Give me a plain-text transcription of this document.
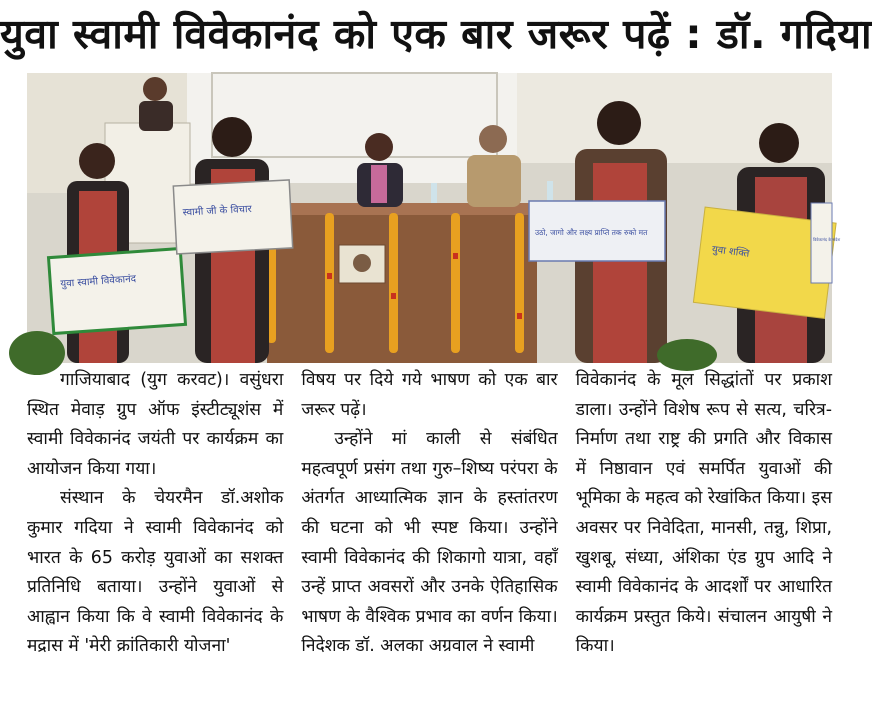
युवा स्वामी विवेकानंद को एक बार जरूर पढ़ें : डॉ. गदिया
युवा स्वामी विवेकानंद
स्वामी जी के विचार
उठो, जागो और लक्ष्य प्राप्ति तक रुको मत
युवा शक्ति
विवेकानंद के संदेश

गाजियाबाद (युग करवट)। वसुंधरा स्थित मेवाड़ ग्रुप ऑफ इंस्टीट्यूशंस में स्वामी विवेकानंद जयंती पर कार्यक्रम का आयोजन किया गया।

संस्थान के चेयरमैन डॉ.अशोक कुमार गदिया ने स्वामी विवेकानंद को भारत के 65 करोड़ युवाओं का सशक्त प्रतिनिधि बताया। उन्होंने युवाओं से आह्वान किया कि वे स्वामी विवेकानंद के मद्रास में 'मेरी क्रांतिकारी योजना'

विषय पर दिये गये भाषण को एक बार जरूर पढ़ें।

उन्होंने मां काली से संबंधित महत्वपूर्ण प्रसंग तथा गुरु–शिष्य परंपरा के अंतर्गत आध्यात्मिक ज्ञान के हस्तांतरण की घटना को भी स्पष्ट किया। उन्होंने स्वामी विवेकानंद की शिकागो यात्रा, वहाँ उन्हें प्राप्त अवसरों और उनके ऐतिहासिक भाषण के वैश्विक प्रभाव का वर्णन किया। निदेशक डॉ. अलका अग्रवाल ने स्वामी

विवेकानंद के मूल सिद्धांतों पर प्रकाश डाला। उन्होंने विशेष रूप से सत्य, चरित्र-निर्माण तथा राष्ट्र की प्रगति और विकास में निष्ठावान एवं समर्पित युवाओं की भूमिका के महत्व को रेखांकित किया। इस अवसर पर निवेदिता, मानसी, तन्नु, शिप्रा, खुशबू, संध्या, अंशिका एंड ग्रुप आदि ने स्वामी विवेकानंद के आदर्शों पर आधारित कार्यक्रम प्रस्तुत किये। संचालन आयुषी ने किया।
